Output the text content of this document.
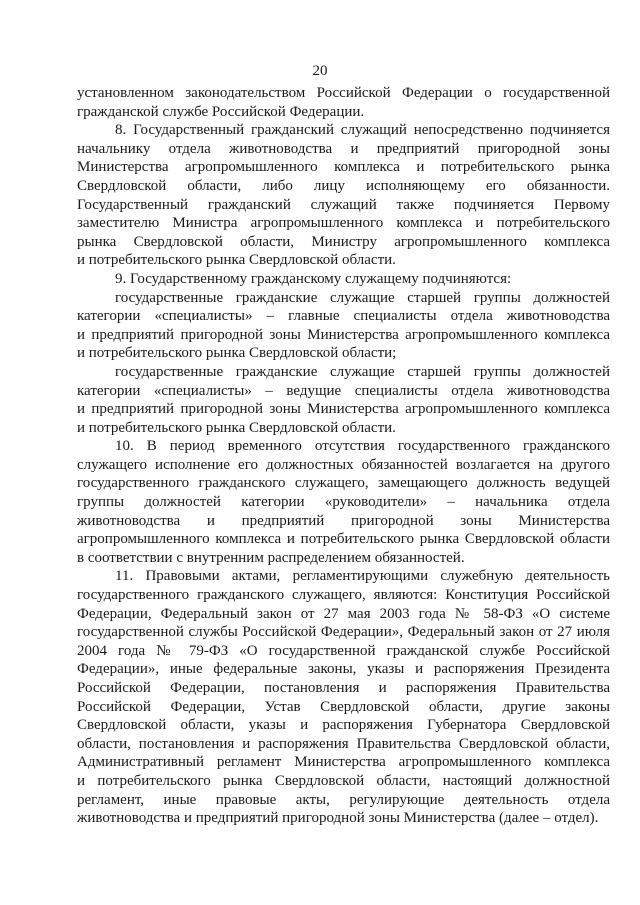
20
установленном законодательством Российской Федерации о государственной
гражданской службе Российской Федерации.
8. Государственный гражданский служащий непосредственно подчиняется
начальнику отдела животноводства и предприятий пригородной зоны
Министерства агропромышленного комплекса и потребительского рынка
Свердловской области, либо лицу исполняющему его обязанности.
Государственный гражданский служащий также подчиняется Первому
заместителю Министра агропромышленного комплекса и потребительского
рынка Свердловской области, Министру агропромышленного комплекса
и потребительского рынка Свердловской области.
9. Государственному гражданскому служащему подчиняются:
государственные гражданские служащие старшей группы должностей
категории «специалисты» – главные специалисты отдела животноводства
и предприятий пригородной зоны Министерства агропромышленного комплекса
и потребительского рынка Свердловской области;
государственные гражданские служащие старшей группы должностей
категории «специалисты» – ведущие специалисты отдела животноводства
и предприятий пригородной зоны Министерства агропромышленного комплекса
и потребительского рынка Свердловской области.
10. В период временного отсутствия государственного гражданского
служащего исполнение его должностных обязанностей возлагается на другого
государственного гражданского служащего, замещающего должность ведущей
группы должностей категории «руководители» – начальника отдела
животноводства и предприятий пригородной зоны Министерства
агропромышленного комплекса и потребительского рынка Свердловской области
в соответствии с внутренним распределением обязанностей.
11. Правовыми актами, регламентирующими служебную деятельность
государственного гражданского служащего, являются: Конституция Российской
Федерации, Федеральный закон от 27 мая 2003 года № 58-ФЗ «О системе
государственной службы Российской Федерации», Федеральный закон от 27 июля
2004 года № 79-ФЗ «О государственной гражданской службе Российской
Федерации», иные федеральные законы, указы и распоряжения Президента
Российской Федерации, постановления и распоряжения Правительства
Российской Федерации, Устав Свердловской области, другие законы
Свердловской области, указы и распоряжения Губернатора Свердловской
области, постановления и распоряжения Правительства Свердловской области,
Административный регламент Министерства агропромышленного комплекса
и потребительского рынка Свердловской области, настоящий должностной
регламент, иные правовые акты, регулирующие деятельность отдела
животноводства и предприятий пригородной зоны Министерства (далее – отдел).
